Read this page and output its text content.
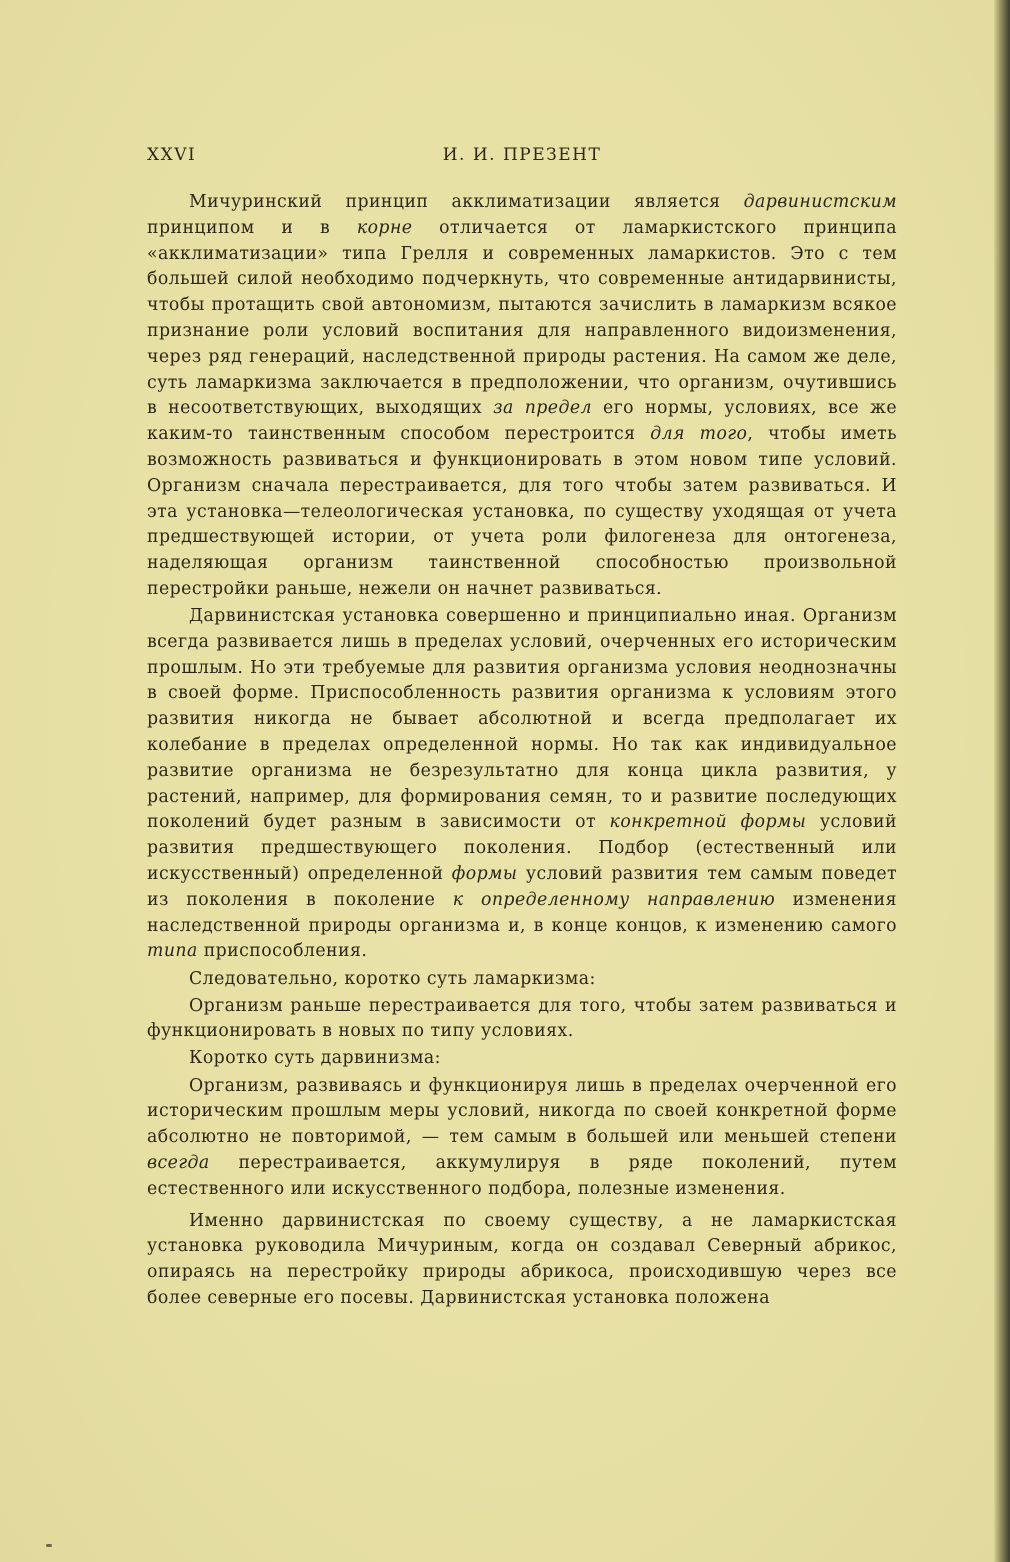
XXVI	И. И. ПРЕЗЕНТ

Мичуринский принцип акклиматизации является дарвинистским принципом и в корне отличается от ламаркистского принципа «акклиматизации» типа Грелля и современных ламаркистов. Это с тем большей силой необходимо подчеркнуть, что современные антидарвинисты, чтобы протащить свой автономизм, пытаются зачислить в ламаркизм всякое признание роли условий воспитания для направленного видоизменения, через ряд генераций, наследственной природы растения. На самом же деле, суть ламаркизма заключается в предположении, что организм, очутившись в несоответствующих, выходящих за предел его нормы, условиях, все же каким-то таинственным способом перестроится для того, чтобы иметь возможность развиваться и функционировать в этом новом типе условий. Организм сначала перестраивается, для того чтобы затем развиваться. И эта установка—телеологическая установка, по существу уходящая от учета предшествующей истории, от учета роли филогенеза для онтогенеза, наделяющая организм таинственной способностью произвольной перестройки раньше, нежели он начнет развиваться.

Дарвинистская установка совершенно и принципиально иная. Организм всегда развивается лишь в пределах условий, очерченных его историческим прошлым. Но эти требуемые для развития организма условия неоднозначны в своей форме. Приспособленность развития организма к условиям этого развития никогда не бывает абсолютной и всегда предполагает их колебание в пределах определенной нормы. Но так как индивидуальное развитие организма не безрезультатно для конца цикла развития, у растений, например, для формирования семян, то и развитие последующих поколений будет разным в зависимости от конкретной формы условий развития предшествующего поколения. Подбор (естественный или искусственный) определенной формы условий развития тем самым поведет из поколения в поколение к определенному направлению изменения наследственной природы организма и, в конце концов, к изменению самого типа приспособления.

Следовательно, коротко суть ламаркизма:

Организм раньше перестраивается для того, чтобы затем развиваться и функционировать в новых по типу условиях.

Коротко суть дарвинизма:

Организм, развиваясь и функционируя лишь в пределах очерченной его историческим прошлым меры условий, никогда по своей конкретной форме абсолютно не повторимой, — тем самым в большей или меньшей степени всегда перестраивается, аккумулируя в ряде поколений, путем естественного или искусственного подбора, полезные изменения.

Именно дарвинистская по своему существу, а не ламаркистская установка руководила Мичуриным, когда он создавал Северный абрикос, опираясь на перестройку природы абрикоса, происходившую через все более северные его посевы. Дарвинистская установка положена
